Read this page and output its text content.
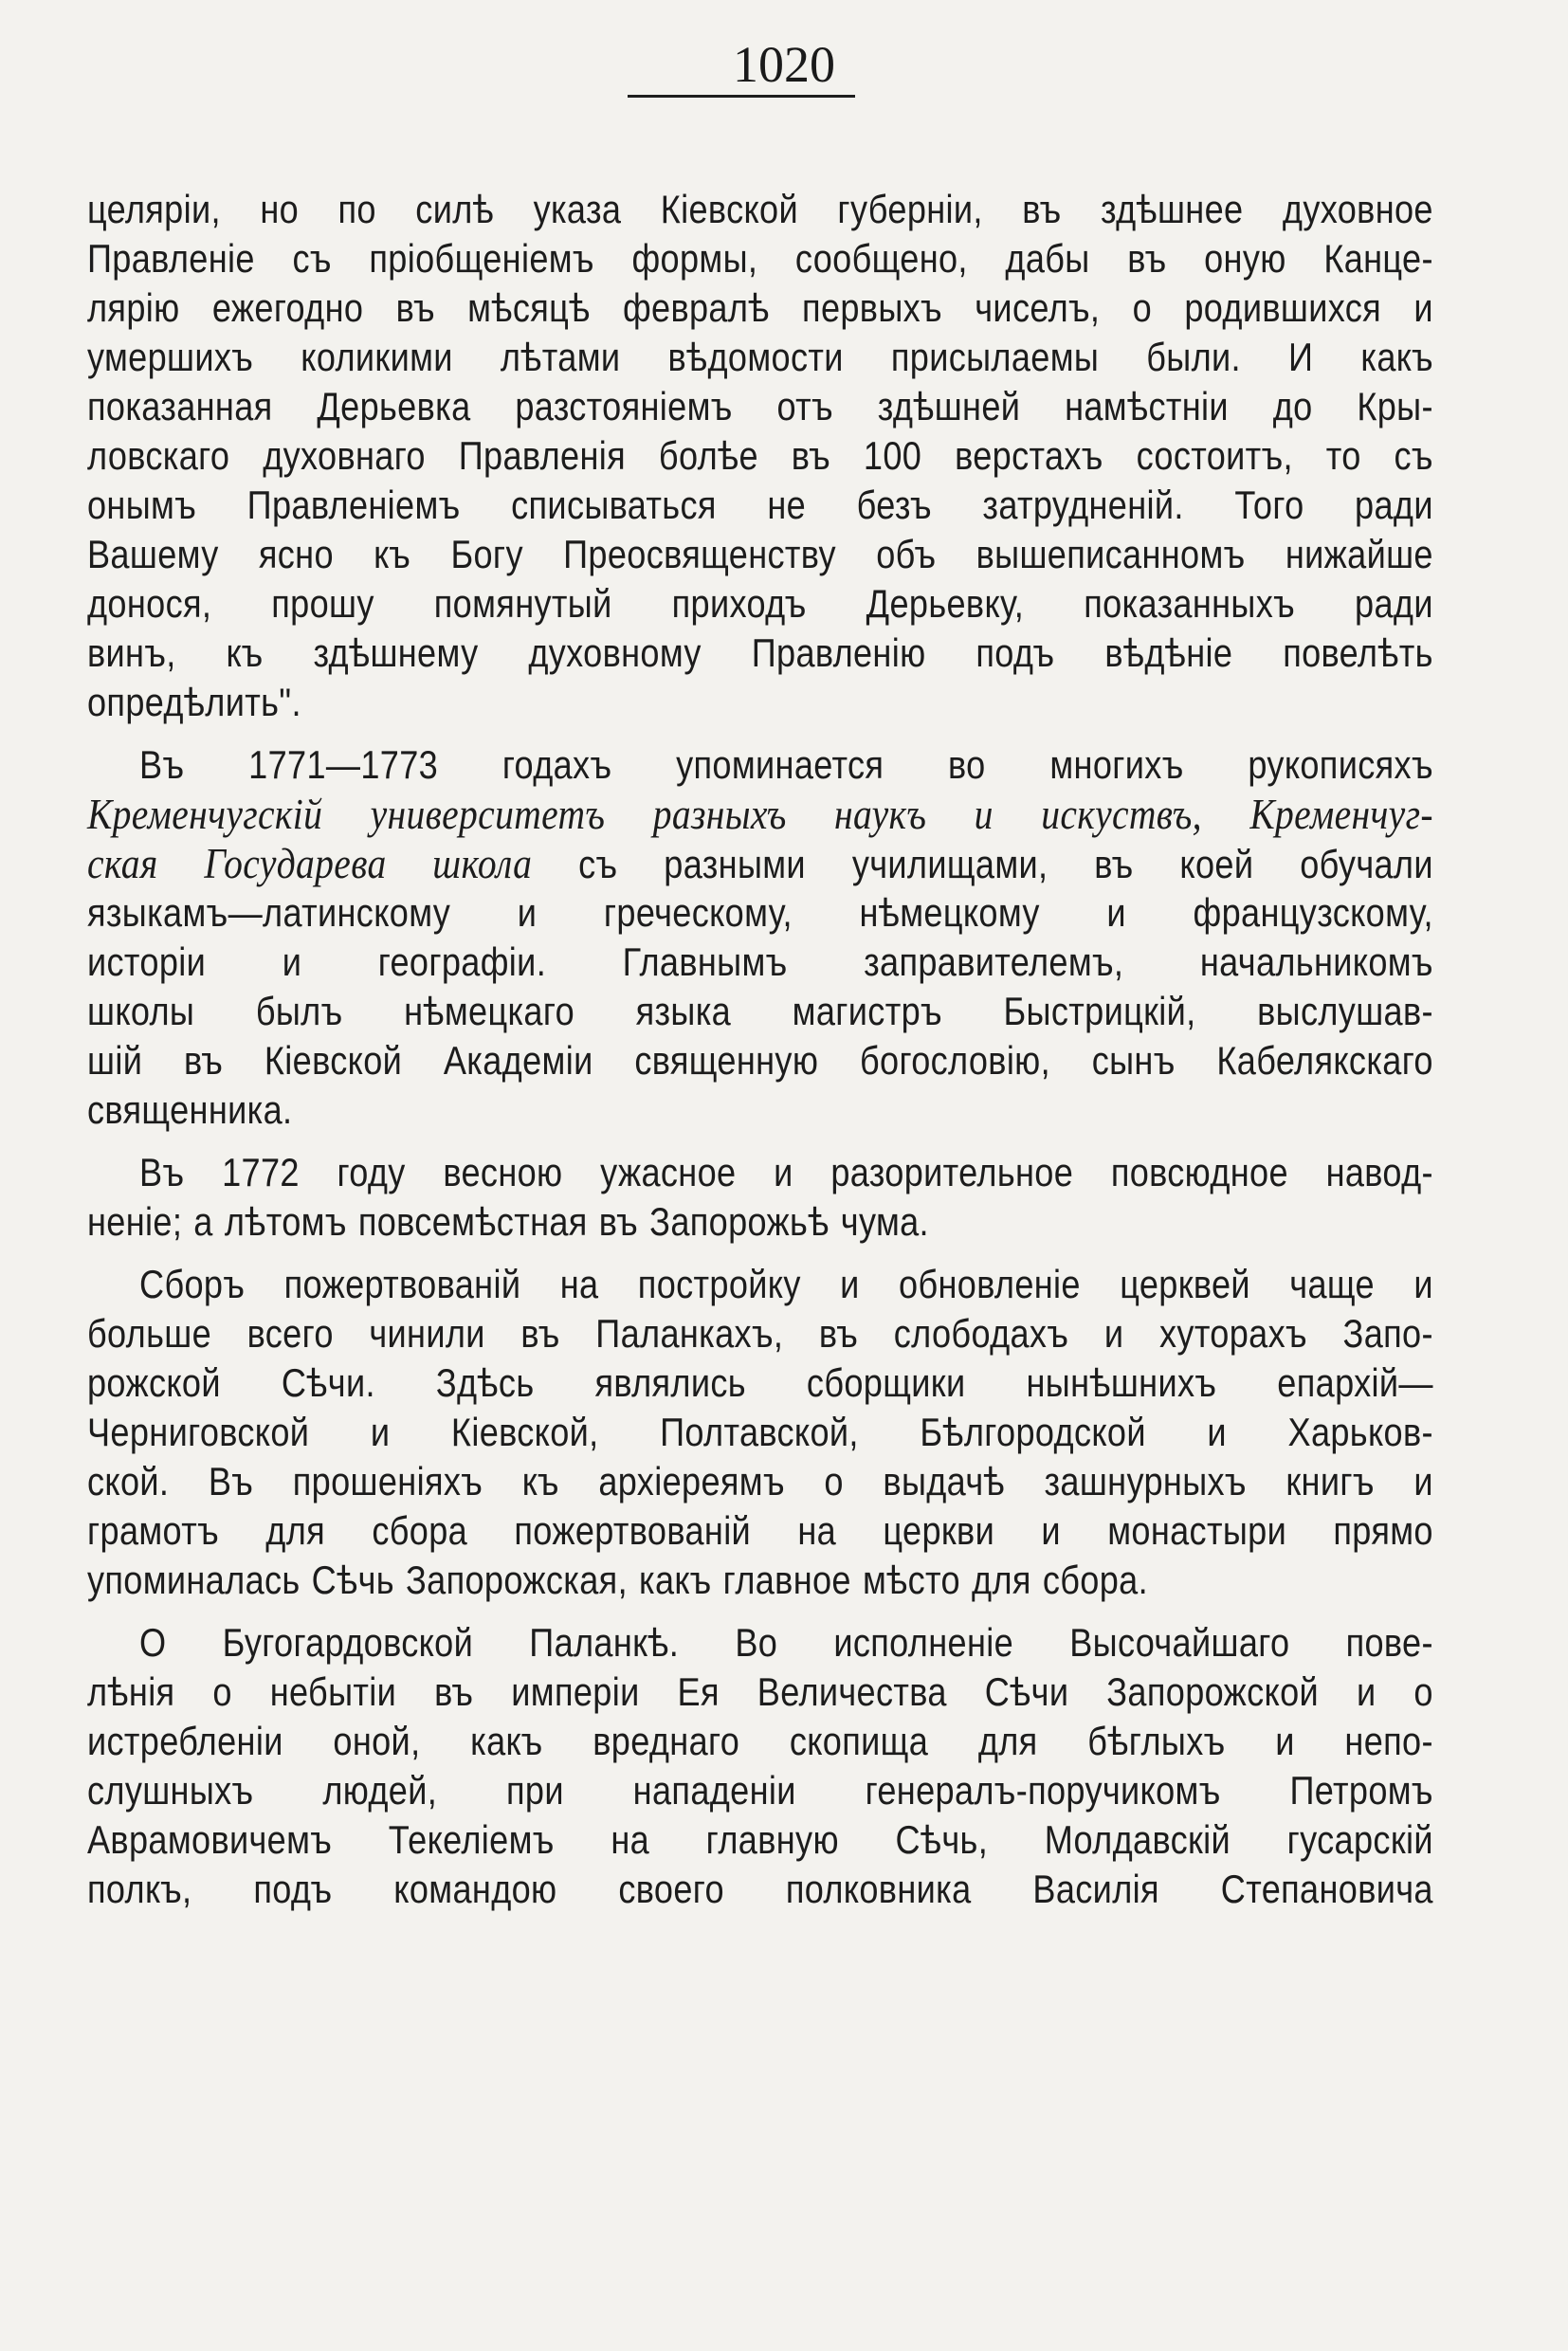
1020
целяріи, но по силѣ указа Кіевской губерніи, въ здѣшнее духовное
Правленіе съ пріобщеніемъ формы, сообщено, дабы въ оную Канце-
лярію ежегодно въ мѣсяцѣ февралѣ первыхъ чиселъ, о родившихся и
умершихъ коликими лѣтами вѣдомости присылаемы были. И какъ
показанная Дерьевка разстояніемъ отъ здѣшней намѣстніи до Кры-
ловскаго духовнаго Правленія болѣе въ 100 верстахъ состоитъ, то съ
онымъ Правленіемъ списываться не безъ затрудненій. Того ради
Вашему ясно къ Богу Преосвященству объ вышеписанномъ нижайше
донося, прошу помянутый приходъ Дерьевку, показанныхъ ради
винъ, къ здѣшнему духовному Правленію подъ вѣдѣніе повелѣть
опредѣлить".
Въ 1771—1773 годахъ упоминается во многихъ рукописяхъ
Кременчугскій университетъ разныхъ наукъ и искуствъ, Кременчуг-
ская Государева школа съ разными училищами, въ коей обучали
языкамъ—латинскому и греческому, нѣмецкому и французскому,
исторіи и географіи. Главнымъ заправителемъ, начальникомъ
школы былъ нѣмецкаго языка магистръ Быстрицкій, выслушав-
шій въ Кіевской Академіи священную богословію, сынъ Кабелякскаго
священника.
Въ 1772 году весною ужасное и разорительное повсюдное навод-
неніе; а лѣтомъ повсемѣстная въ Запорожьѣ чума.
Сборъ пожертвованій на постройку и обновленіе церквей чаще и
больше всего чинили въ Паланкахъ, въ слободахъ и хуторахъ Запо-
рожской Сѣчи. Здѣсь являлись сборщики нынѣшнихъ епархій—
Черниговской и Кіевской, Полтавской, Бѣлгородской и Харьков-
ской. Въ прошеніяхъ къ архіереямъ о выдачѣ зашнурныхъ книгъ и
грамотъ для сбора пожертвованій на церкви и монастыри прямо
упоминалась Сѣчь Запорожская, какъ главное мѣсто для сбора.
О Бугогардовской Паланкѣ. Во исполненіе Высочайшаго пове-
лѣнія о небытіи въ имперіи Ея Величества Сѣчи Запорожской и о
истребленіи оной, какъ вреднаго скопища для бѣглыхъ и непо-
слушныхъ людей, при нападеніи генералъ-поручикомъ Петромъ
Аврамовичемъ Текеліемъ на главную Сѣчь, Молдавскій гусарскій
полкъ, подъ командою своего полковника Василія Степановича
